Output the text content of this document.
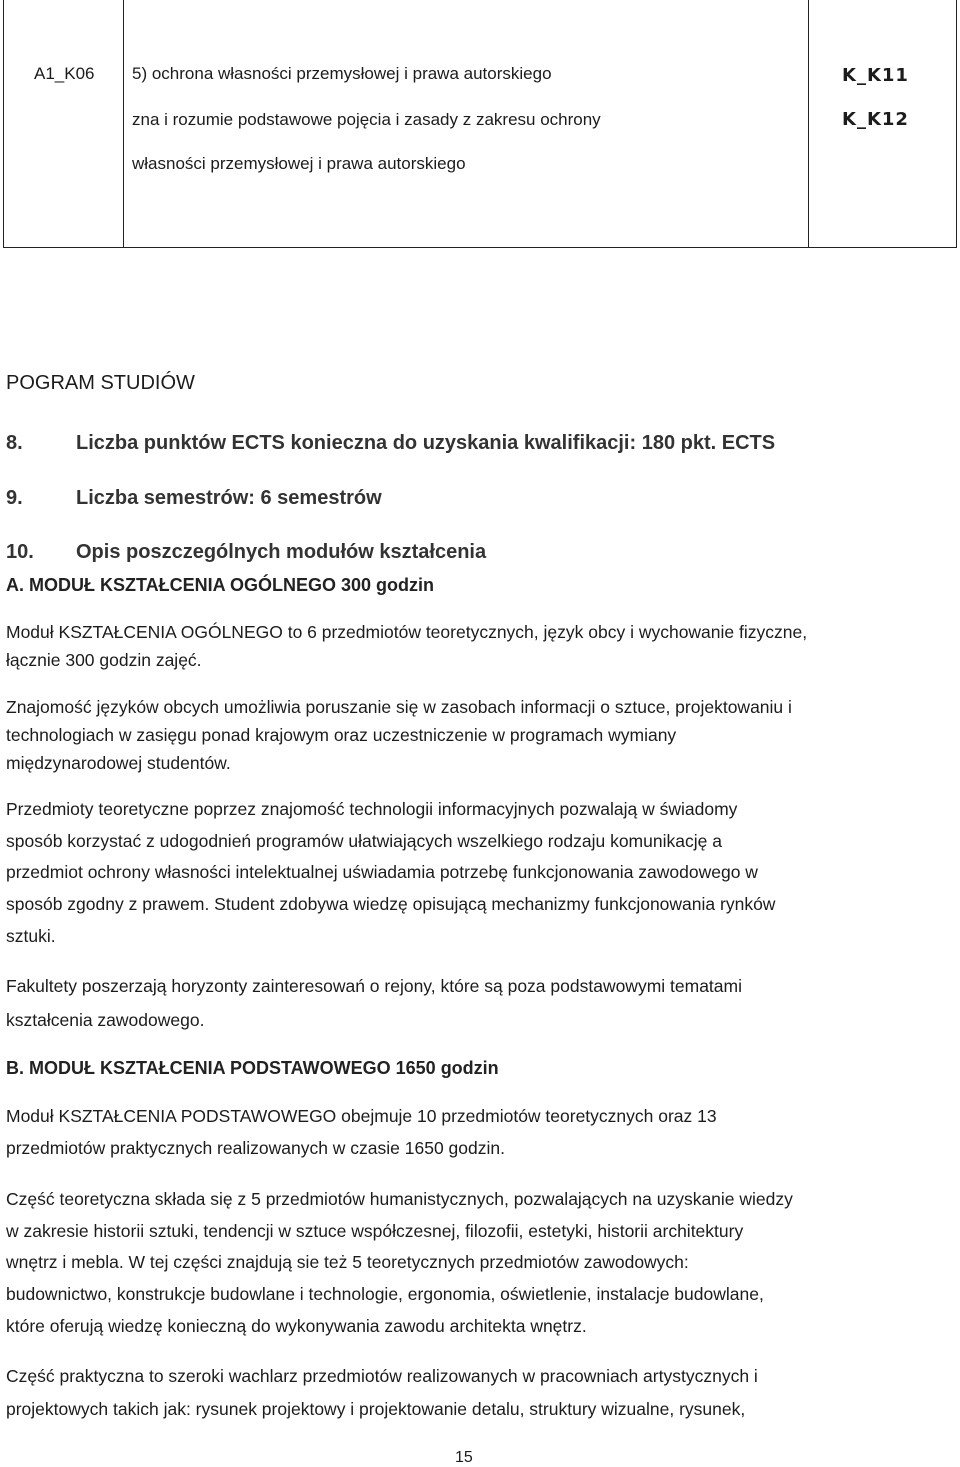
A1_K06 5) ochrona własności przemysłowej i prawa autorskiego
zna i rozumie podstawowe pojęcia i zasady z zakresu ochrony
własności przemysłowej i prawa autorskiego
K_K11
K_K12
POGRAM STUDIÓW
8.	Liczba punktów ECTS konieczna do uzyskania kwalifikacji: 180 pkt. ECTS
9.	Liczba semestrów: 6 semestrów
10. Opis poszczególnych modułów kształcenia
A. MODUŁ KSZTAŁCENIA OGÓLNEGO 300 godzin
Moduł KSZTAŁCENIA OGÓLNEGO to 6 przedmiotów teoretycznych, język obcy i wychowanie fizyczne,
łącznie 300 godzin zajęć.
Znajomość języków obcych umożliwia poruszanie się w zasobach informacji o sztuce, projektowaniu i
technologiach w zasięgu ponad krajowym oraz uczestniczenie w programach wymiany
międzynarodowej studentów.
Przedmioty teoretyczne poprzez znajomość technologii informacyjnych pozwalają w świadomy
sposób korzystać z udogodnień programów ułatwiających wszelkiego rodzaju komunikację a
przedmiot ochrony własności intelektualnej uświadamia potrzebę funkcjonowania zawodowego w
sposób zgodny z prawem. Student zdobywa wiedzę opisującą mechanizmy funkcjonowania rynków
sztuki.
Fakultety poszerzają horyzonty zainteresowań o rejony, które są poza podstawowymi tematami
kształcenia zawodowego.
B. MODUŁ KSZTAŁCENIA PODSTAWOWEGO 1650 godzin
Moduł KSZTAŁCENIA PODSTAWOWEGO obejmuje 10 przedmiotów teoretycznych oraz 13
przedmiotów praktycznych realizowanych w czasie 1650 godzin.
Część teoretyczna składa się z 5 przedmiotów humanistycznych, pozwalających na uzyskanie wiedzy
w zakresie historii sztuki, tendencji w sztuce współczesnej, filozofii, estetyki, historii architektury
wnętrz i mebla. W tej części znajdują sie też 5 teoretycznych przedmiotów zawodowych:
budownictwo, konstrukcje budowlane i technologie, ergonomia, oświetlenie, instalacje budowlane,
które oferują wiedzę konieczną do wykonywania zawodu architekta wnętrz.
Część praktyczna to szeroki wachlarz przedmiotów realizowanych w pracowniach artystycznych i
projektowych takich jak: rysunek projektowy i projektowanie detalu, struktury wizualne, rysunek,
15
